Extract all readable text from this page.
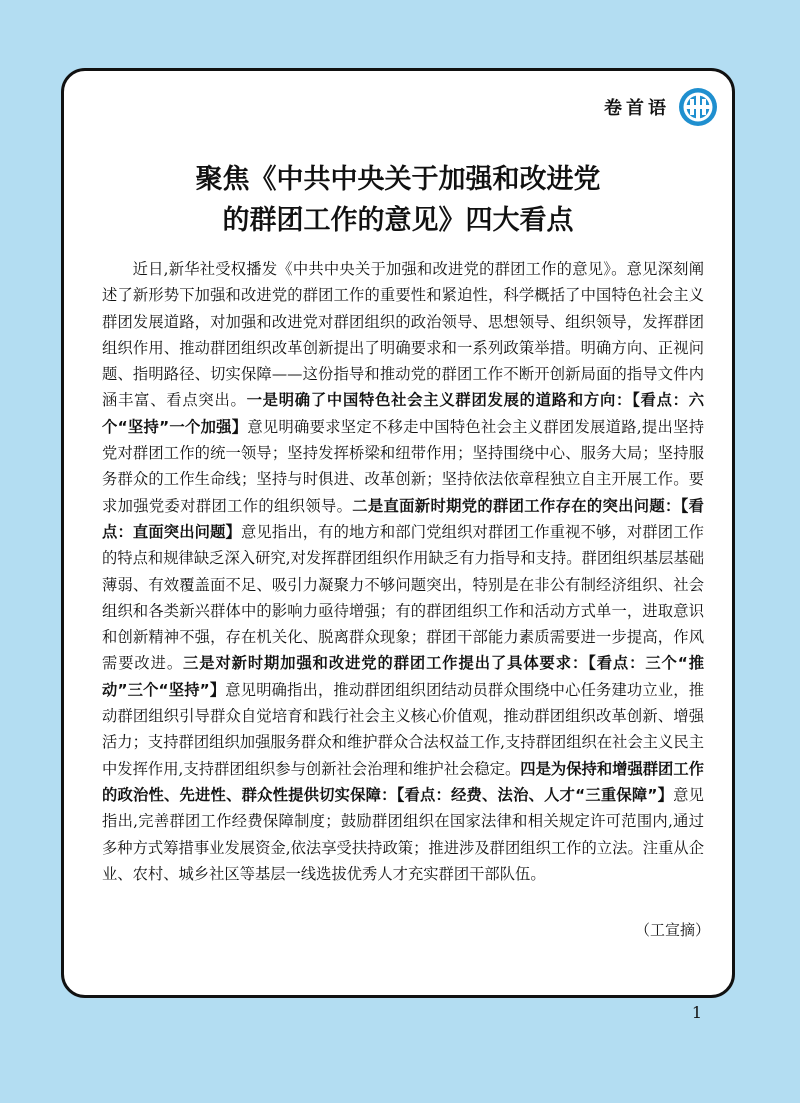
卷首语
聚焦《中共中央关于加强和改进党
的群团工作的意见》四大看点
近日,新华社受权播发《中共中央关于加强和改进党的群团工作的意见》。意见深刻阐述了新形势下加强和改进党的群团工作的重要性和紧迫性，科学概括了中国特色社会主义群团发展道路，对加强和改进党对群团组织的政治领导、思想领导、组织领导，发挥群团组织作用、推动群团组织改革创新提出了明确要求和一系列政策举措。明确方向、正视问题、指明路径、切实保障——这份指导和推动党的群团工作不断开创新局面的指导文件内涵丰富、看点突出。一是明确了中国特色社会主义群团发展的道路和方向：【看点：六个“坚持”一个加强】意见明确要求坚定不移走中国特色社会主义群团发展道路,提出坚持党对群团工作的统一领导；坚持发挥桥梁和纽带作用；坚持围绕中心、服务大局；坚持服务群众的工作生命线；坚持与时俱进、改革创新；坚持依法依章程独立自主开展工作。要求加强党委对群团工作的组织领导。二是直面新时期党的群团工作存在的突出问题：【看点：直面突出问题】意见指出，有的地方和部门党组织对群团工作重视不够，对群团工作的特点和规律缺乏深入研究,对发挥群团组织作用缺乏有力指导和支持。群团组织基层基础薄弱、有效覆盖面不足、吸引力凝聚力不够问题突出，特别是在非公有制经济组织、社会组织和各类新兴群体中的影响力亟待增强；有的群团组织工作和活动方式单一，进取意识和创新精神不强，存在机关化、脱离群众现象；群团干部能力素质需要进一步提高，作风需要改进。三是对新时期加强和改进党的群团工作提出了具体要求：【看点：三个“推动”三个“坚持”】意见明确指出，推动群团组织团结动员群众围绕中心任务建功立业，推动群团组织引导群众自觉培育和践行社会主义核心价值观，推动群团组织改革创新、增强活力；支持群团组织加强服务群众和维护群众合法权益工作,支持群团组织在社会主义民主中发挥作用,支持群团组织参与创新社会治理和维护社会稳定。四是为保持和增强群团工作的政治性、先进性、群众性提供切实保障：【看点：经费、法治、人才“三重保障”】意见指出,完善群团工作经费保障制度；鼓励群团组织在国家法律和相关规定许可范围内,通过多种方式筹措事业发展资金,依法享受扶持政策；推进涉及群团组织工作的立法。注重从企业、农村、城乡社区等基层一线选拔优秀人才充实群团干部队伍。
（工宣摘）
1
